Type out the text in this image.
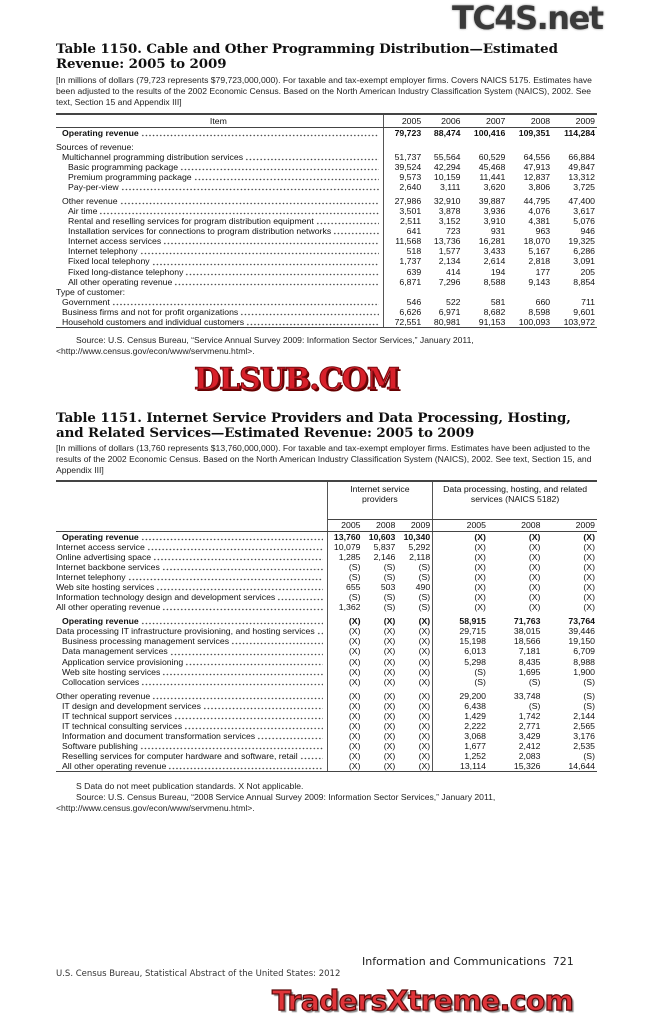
TC4S.net
Table 1150. Cable and Other Programming Distribution—Estimated Revenue: 2005 to 2009
[In millions of dollars (79,723 represents $79,723,000,000). For taxable and tax-exempt employer firms. Covers NAICS 5175. Estimates have been adjusted to the results of the 2002 Economic Census. Based on the North American Industry Classification System (NAICS), 2002. See text, Section 15 and Appendix III]
Item	2005	2006	2007	2008	2009

Operating revenue	79,723	88,474	100,416	109,351	114,284

Sources of revenue:					

Multichannel programming distribution services	51,737	55,564	60,529	64,556	66,884

Basic programming package	39,524	42,294	45,468	47,913	49,847

Premium programming package	9,573	10,159	11,441	12,837	13,312

Pay-per-view	2,640	3,111	3,620	3,806	3,725

Other revenue	27,986	32,910	39,887	44,795	47,400

Air time	3,501	3,878	3,936	4,076	3,617

Rental and reselling services for program distribution equipment	2,511	3,152	3,910	4,381	5,076

Installation services for connections to program distribution networks	641	723	931	963	946

Internet access services	11,568	13,736	16,281	18,070	19,325

Internet telephony	518	1,577	3,433	5,167	6,286

Fixed local telephony	1,737	2,134	2,614	2,818	3,091

Fixed long-distance telephony	639	414	194	177	205

All other operating revenue	6,871	7,296	8,588	9,143	8,854

Type of customer:					

Government	546	522	581	660	711

Business firms and not for profit organizations	6,626	6,971	8,682	8,598	9,601

Household customers and individual customers	72,551	80,981	91,153	100,093	103,972
Source: U.S. Census Bureau, “Service Annual Survey 2009: Information Sector Services,” January 2011,
<http://www.census.gov/econ/www/servmenu.html>.
DLSUB.COM
Table 1151. Internet Service Providers and Data Processing, Hosting, and Related Services—Estimated Revenue: 2005 to 2009
[In millions of dollars (13,760 represents $13,760,000,000). For taxable and tax-exempt employer firms. Estimates have been adjusted to the results of the 2002 Economic Census. Based on the North American Industry Classification System (NAICS), 2002. See text, Section 15, and Appendix III]
	Internet service providers			Data processing, hosting, and related services (NAICS 5182)		
	2005	2008	2009	2005	2008	2009

Operating revenue	13,760	10,603	10,340	(X)	(X)	(X)

Internet access service	10,079	5,837	5,292	(X)	(X)	(X)

Online advertising space	1,285	2,146	2,118	(X)	(X)	(X)

Internet backbone services	(S)	(S)	(S)	(X)	(X)	(X)

Internet telephony	(S)	(S)	(S)	(X)	(X)	(X)

Web site hosting services	655	503	490	(X)	(X)	(X)

Information technology design and development services	(S)	(S)	(S)	(X)	(X)	(X)

All other operating revenue	1,362	(S)	(S)	(X)	(X)	(X)

Operating revenue	(X)	(X)	(X)	58,915	71,763	73,764

Data processing IT infrastructure provisioning, and hosting services	(X)	(X)	(X)	29,715	38,015	39,446

Business processing management services	(X)	(X)	(X)	15,198	18,566	19,150

Data management services	(X)	(X)	(X)	6,013	7,181	6,709

Application service provisioning	(X)	(X)	(X)	5,298	8,435	8,988

Web site hosting services	(X)	(X)	(X)	(S)	1,695	1,900

Collocation services	(X)	(X)	(X)	(S)	(S)	(S)

Other operating revenue	(X)	(X)	(X)	29,200	33,748	(S)

IT design and development services	(X)	(X)	(X)	6,438	(S)	(S)

IT technical support services	(X)	(X)	(X)	1,429	1,742	2,144

IT technical consulting services	(X)	(X)	(X)	2,222	2,771	2,565

Information and document transformation services	(X)	(X)	(X)	3,068	3,429	3,176

Software publishing	(X)	(X)	(X)	1,677	2,412	2,535

Reselling services for computer hardware and software, retail	(X)	(X)	(X)	1,252	2,083	(S)

All other operating revenue	(X)	(X)	(X)	13,114	15,326	14,644
S Data do not meet publication standards. X Not applicable.
Source: U.S. Census Bureau, “2008 Service Annual Survey 2009: Information Sector Services,” January 2011,
<http://www.census.gov/econ/www/servmenu.html>.
Information and Communications 721
U.S. Census Bureau, Statistical Abstract of the United States: 2012
TradersXtreme.com
